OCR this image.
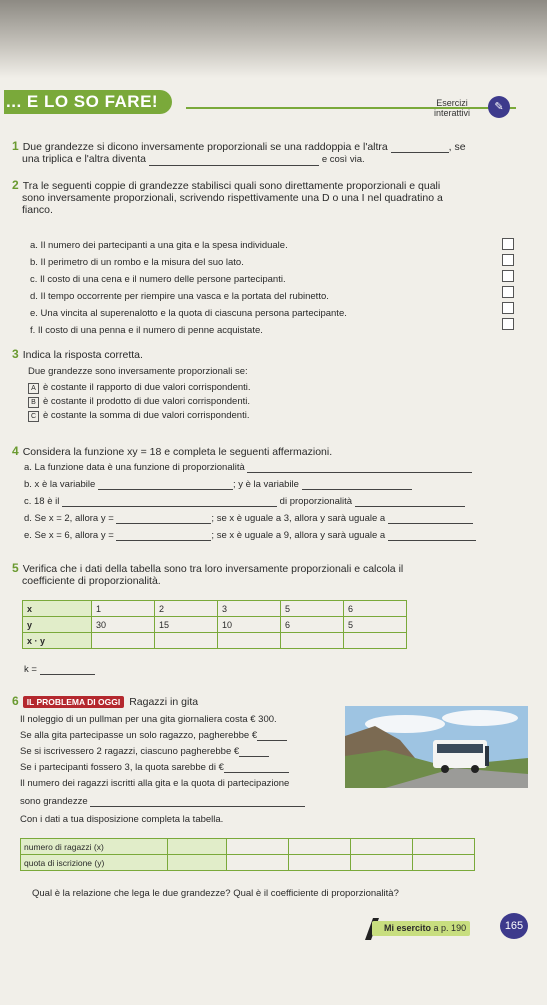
... E LO SO FARE!	Esercizi
interattivi	✎
1 Due grandezze si dicono inversamente proporzionali se una raddoppia e l'altra	, se
una triplica e l'altra diventa	e così via.
2 Tra le seguenti coppie di grandezze stabilisci quali sono direttamente proporzionali e quali
sono inversamente proporzionali, scrivendo rispettivamente una D o una I nel quadratino a
fianco.
a. Il numero dei partecipanti a una gita e la spesa individuale.
b. Il perimetro di un rombo e la misura del suo lato.
c. Il costo di una cena e il numero delle persone partecipanti.
d. Il tempo occorrente per riempire una vasca e la portata del rubinetto.
e. Una vincita al superenalotto e la quota di ciascuna persona partecipante.
f. Il costo di una penna e il numero di penne acquistate.
3 Indica la risposta corretta.
Due grandezze sono inversamente proporzionali se:
A è costante il rapporto di due valori corrispondenti.
B è costante il prodotto di due valori corrispondenti.
C è costante la somma di due valori corrispondenti.
4 Considera la funzione xy = 18 e completa le seguenti affermazioni.
a. La funzione data è una funzione di proporzionalità
b. x è la variabile	; y è la variabile
c. 18 è il	di proporzionalità
d. Se x = 2, allora y =	; se x è uguale a 3, allora y sarà uguale a
e. Se x = 6, allora y =	; se x è uguale a 9, allora y sarà uguale a
5 Verifica che i dati della tabella sono tra loro inversamente proporzionali e calcola il
coefficiente di proporzionalità.
x	1	2	3	5	6
y	30	15	10	6	5
x · y					
k =
6 IL PROBLEMA DI OGGI Ragazzi in gita
Il noleggio di un pullman per una gita giornaliera costa € 300.
Se alla gita partecipasse un solo ragazzo, pagherebbe €
Se si iscrivessero 2 ragazzi, ciascuno pagherebbe €
Se i partecipanti fossero 3, la quota sarebbe di €
Il numero dei ragazzi iscritti alla gita e la quota di partecipazione
sono grandezze
Con i dati a tua disposizione completa la tabella.
numero di ragazzi (x)					
quota di iscrizione (y)					
Qual è la relazione che lega le due grandezze? Qual è il coefficiente di proporzionalità?
Mi esercito a p. 190	165
